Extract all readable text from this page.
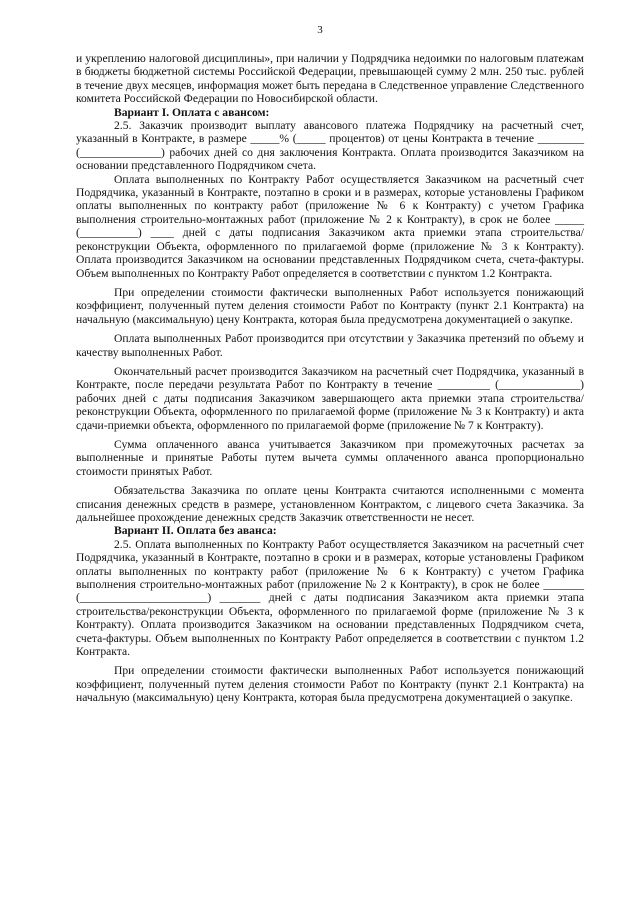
3

и укреплению налоговой дисциплины», при наличии у Подрядчика недоимки по налоговым платежам в бюджеты бюджетной системы Российской Федерации, превышающей сумму 2 млн. 250 тыс. рублей в течение двух месяцев, информация может быть передана в Следственное управление Следственного комитета Российской Федерации по Новосибирской области.

Вариант I. Оплата с авансом:

2.5. Заказчик производит выплату авансового платежа Подрядчику на расчетный счет, указанный в Контракте, в размере _____% (_____ процентов) от цены Контракта в течение ________ (______________) рабочих дней со дня заключения Контракта. Оплата производится Заказчиком на основании представленного Подрядчиком счета.

Оплата выполненных по Контракту Работ осуществляется Заказчиком на расчетный счет Подрядчика, указанный в Контракте, поэтапно в сроки и в размерах, которые установлены Графиком оплаты выполненных по контракту работ (приложение № 6 к Контракту) с учетом Графика выполнения строительно-монтажных работ (приложение № 2 к Контракту), в срок не более _____ (__________) ____ дней с даты подписания Заказчиком акта приемки этапа строительства/реконструкции Объекта, оформленного по прилагаемой форме (приложение № 3 к Контракту). Оплата производится Заказчиком на основании представленных Подрядчиком счета, счета-фактуры. Объем выполненных по Контракту Работ определяется в соответствии с пунктом 1.2 Контракта.

При определении стоимости фактически выполненных Работ используется понижающий коэффициент, полученный путем деления стоимости Работ по Контракту (пункт 2.1 Контракта) на начальную (максимальную) цену Контракта, которая была предусмотрена документацией о закупке.

Оплата выполненных Работ производится при отсутствии у Заказчика претензий по объему и качеству выполненных Работ.

Окончательный расчет производится Заказчиком на расчетный счет Подрядчика, указанный в Контракте, после передачи результата Работ по Контракту в течение _________ (______________) рабочих дней с даты подписания Заказчиком завершающего акта приемки этапа строительства/реконструкции Объекта, оформленного по прилагаемой форме (приложение № 3 к Контракту) и акта сдачи-приемки объекта, оформленного по прилагаемой форме (приложение № 7 к Контракту).

Сумма оплаченного аванса учитывается Заказчиком при промежуточных расчетах за выполненные и принятые Работы путем вычета суммы оплаченного аванса пропорционально стоимости принятых Работ.

Обязательства Заказчика по оплате цены Контракта считаются исполненными с момента списания денежных средств в размере, установленном Контрактом, с лицевого счета Заказчика. За дальнейшее прохождение денежных средств Заказчик ответственности не несет.

Вариант II. Оплата без аванса:

2.5. Оплата выполненных по Контракту Работ осуществляется Заказчиком на расчетный счет Подрядчика, указанный в Контракте, поэтапно в сроки и в размерах, которые установлены Графиком оплаты выполненных по контракту работ (приложение № 6 к Контракту) с учетом Графика выполнения строительно-монтажных работ (приложение № 2 к Контракту), в срок не более _______ (______________________) _______ дней с даты подписания Заказчиком акта приемки этапа строительства/реконструкции Объекта, оформленного по прилагаемой форме (приложение № 3 к Контракту). Оплата производится Заказчиком на основании представленных Подрядчиком счета, счета-фактуры. Объем выполненных по Контракту Работ определяется в соответствии с пунктом 1.2 Контракта.

При определении стоимости фактически выполненных Работ используется понижающий коэффициент, полученный путем деления стоимости Работ по Контракту (пункт 2.1 Контракта) на начальную (максимальную) цену Контракта, которая была предусмотрена документацией о закупке.
